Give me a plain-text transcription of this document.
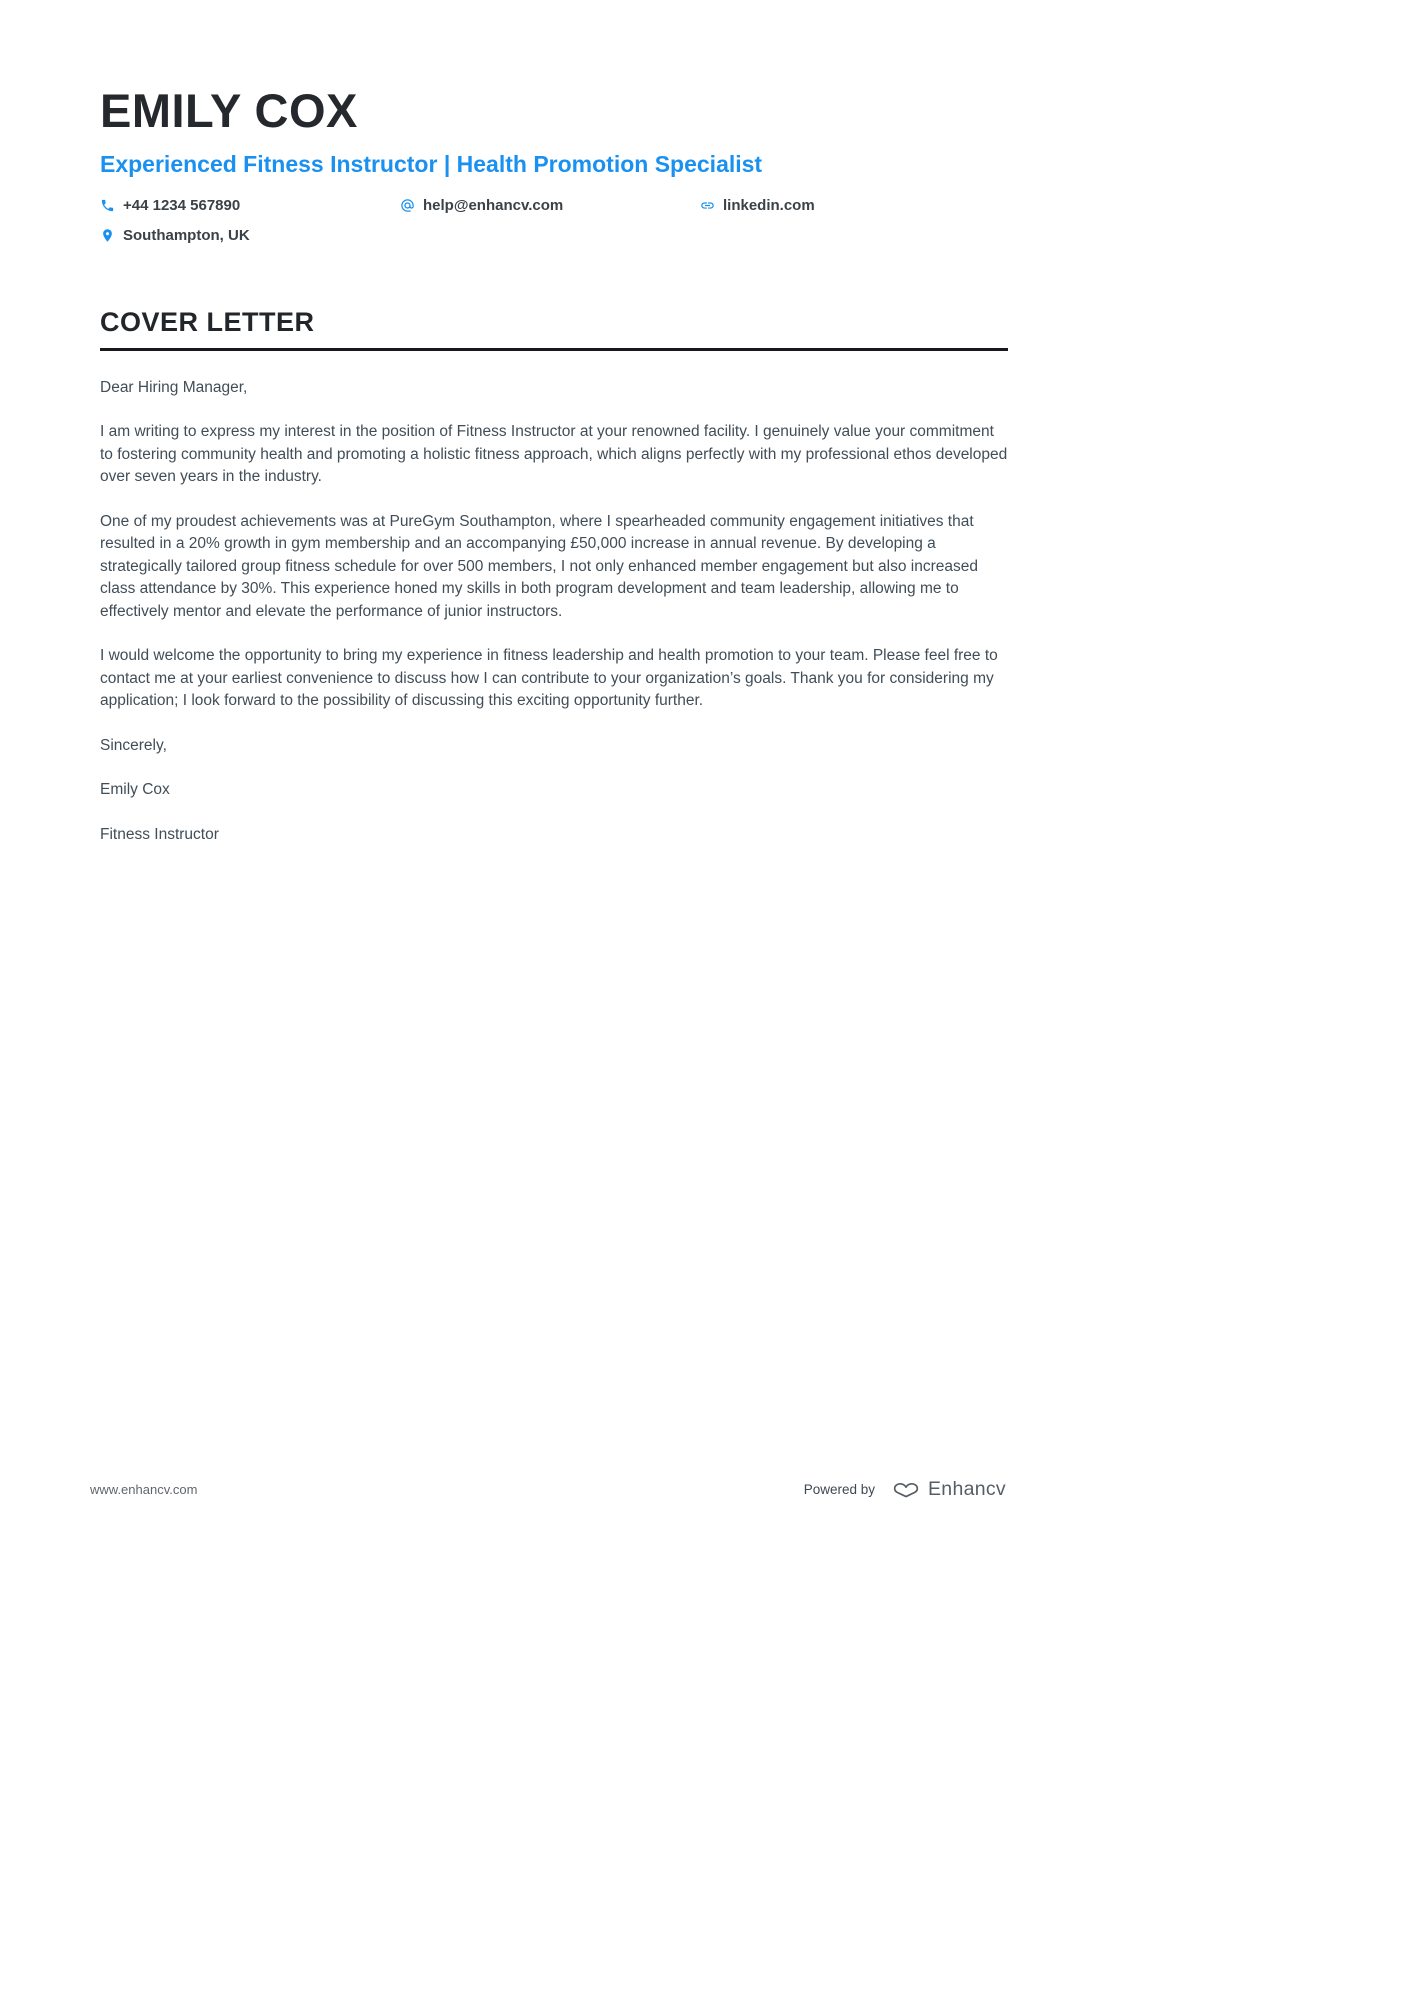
EMILY COX
Experienced Fitness Instructor | Health Promotion Specialist
+44 1234 567890	help@enhancv.com	linkedin.com
Southampton, UK
COVER LETTER

Dear Hiring Manager,

I am writing to express my interest in the position of Fitness Instructor at your renowned facility. I genuinely value your commitment to fostering community health and promoting a holistic fitness approach, which aligns perfectly with my professional ethos developed over seven years in the industry.

One of my proudest achievements was at PureGym Southampton, where I spearheaded community engagement initiatives that resulted in a 20% growth in gym membership and an accompanying £50,000 increase in annual revenue. By developing a strategically tailored group fitness schedule for over 500 members, I not only enhanced member engagement but also increased class attendance by 30%. This experience honed my skills in both program development and team leadership, allowing me to effectively mentor and elevate the performance of junior instructors.

I would welcome the opportunity to bring my experience in fitness leadership and health promotion to your team. Please feel free to contact me at your earliest convenience to discuss how I can contribute to your organization’s goals. Thank you for considering my application; I look forward to the possibility of discussing this exciting opportunity further.

Sincerely,

Emily Cox

Fitness Instructor

www.enhancv.com	Powered by	Enhancv
